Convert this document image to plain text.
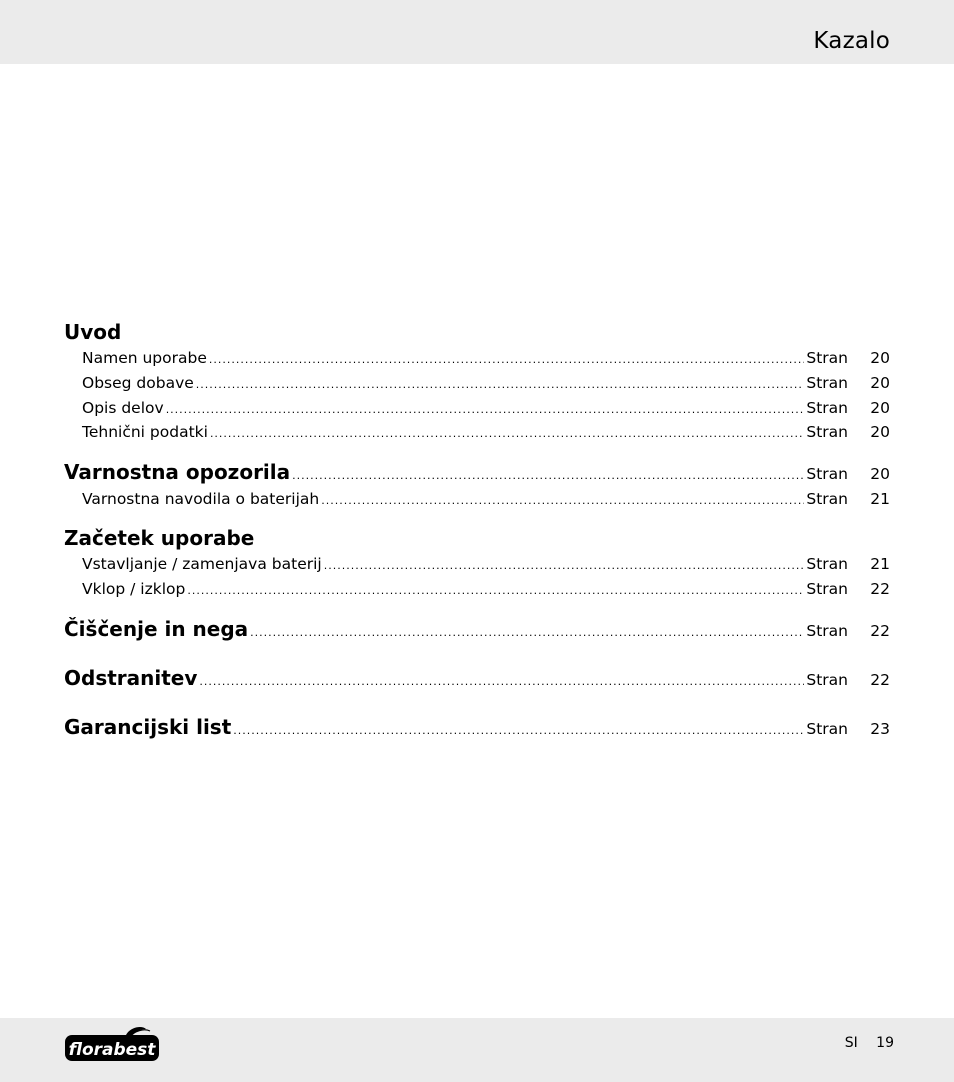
Kazalo
Uvod
Namen uporabe .....	Stran	20
Obseg dobave .....	Stran	20
Opis delov .....	Stran	20
Tehnični podatki .....	Stran	20
Varnostna opozorila .....	Stran	20
Varnostna navodila o baterijah .....	Stran	21
Začetek uporabe
Vstavljanje / zamenjava baterij .....	Stran	21
Vklop / izklop .....	Stran	22
Čiščenje in nega .....	Stran	22
Odstranitev .....	Stran	22
Garancijski list .....	Stran	23
florabest	SI 19
